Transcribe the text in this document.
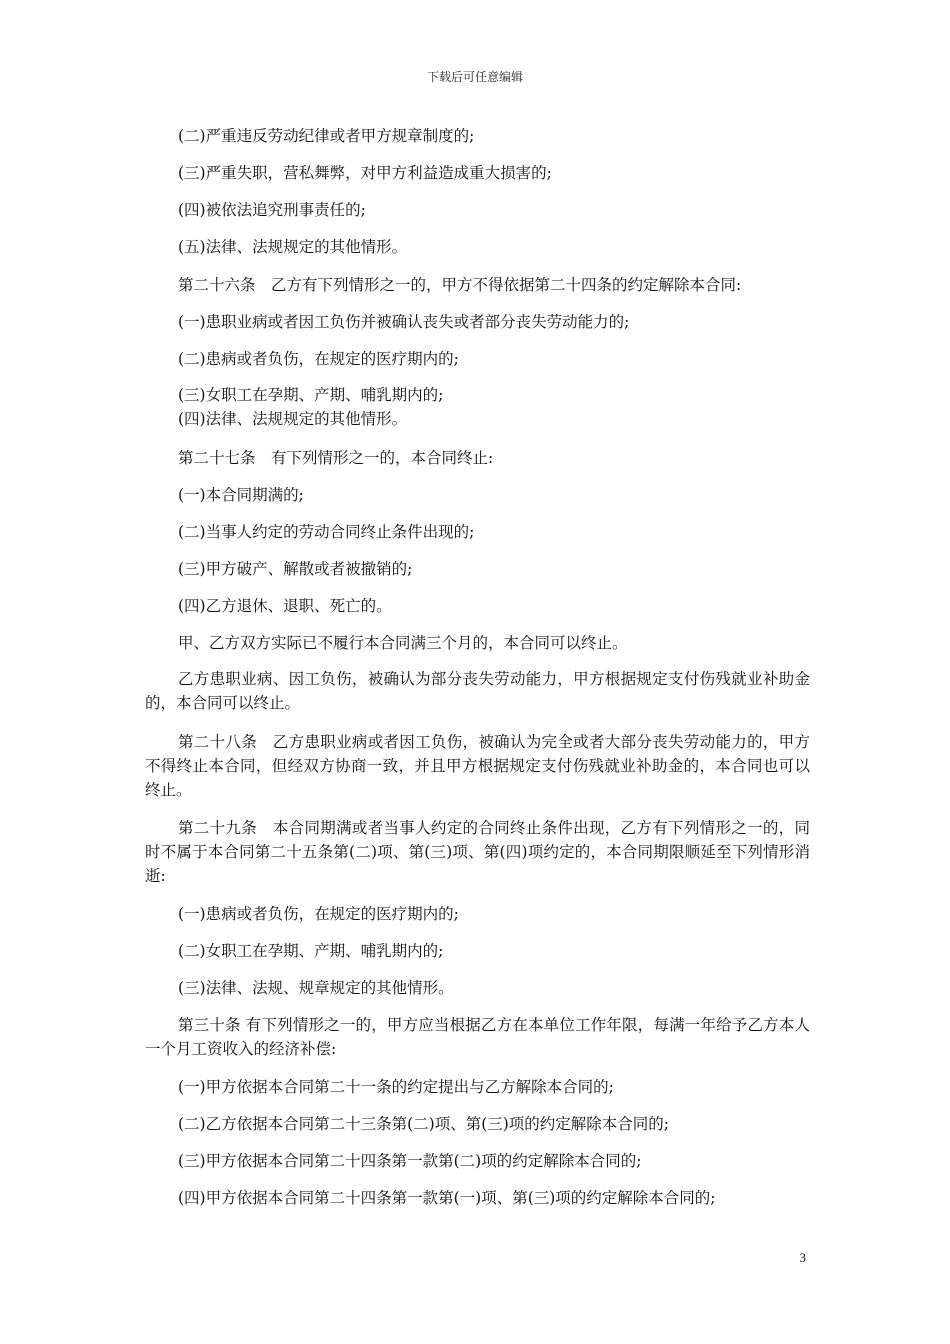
下载后可任意编辑
(二)严重违反劳动纪律或者甲方规章制度的;
(三)严重失职，营私舞弊，对甲方利益造成重大损害的;
(四)被依法追究刑事责任的;
(五)法律、法规规定的其他情形。
第二十六条　乙方有下列情形之一的，甲方不得依据第二十四条的约定解除本合同:
(一)患职业病或者因工负伤并被确认丧失或者部分丧失劳动能力的;
(二)患病或者负伤，在规定的医疗期内的;
(三)女职工在孕期、产期、哺乳期内的;
(四)法律、法规规定的其他情形。
第二十七条　有下列情形之一的，本合同终止:
(一)本合同期满的;
(二)当事人约定的劳动合同终止条件出现的;
(三)甲方破产、解散或者被撤销的;
(四)乙方退休、退职、死亡的。
甲、乙方双方实际已不履行本合同满三个月的，本合同可以终止。
乙方患职业病、因工负伤，被确认为部分丧失劳动能力，甲方根据规定支付伤残就业补助金的，本合同可以终止。
第二十八条　乙方患职业病或者因工负伤，被确认为完全或者大部分丧失劳动能力的，甲方不得终止本合同，但经双方协商一致，并且甲方根据规定支付伤残就业补助金的，本合同也可以终止。
第二十九条　本合同期满或者当事人约定的合同终止条件出现，乙方有下列情形之一的，同时不属于本合同第二十五条第(二)项、第(三)项、第(四)项约定的，本合同期限顺延至下列情形消逝:
(一)患病或者负伤，在规定的医疗期内的;
(二)女职工在孕期、产期、哺乳期内的;
(三)法律、法规、规章规定的其他情形。
第三十条 有下列情形之一的，甲方应当根据乙方在本单位工作年限，每满一年给予乙方本人一个月工资收入的经济补偿:
(一)甲方依据本合同第二十一条的约定提出与乙方解除本合同的;
(二)乙方依据本合同第二十三条第(二)项、第(三)项的约定解除本合同的;
(三)甲方依据本合同第二十四条第一款第(二)项的约定解除本合同的;
(四)甲方依据本合同第二十四条第一款第(一)项、第(三)项的约定解除本合同的;
3
